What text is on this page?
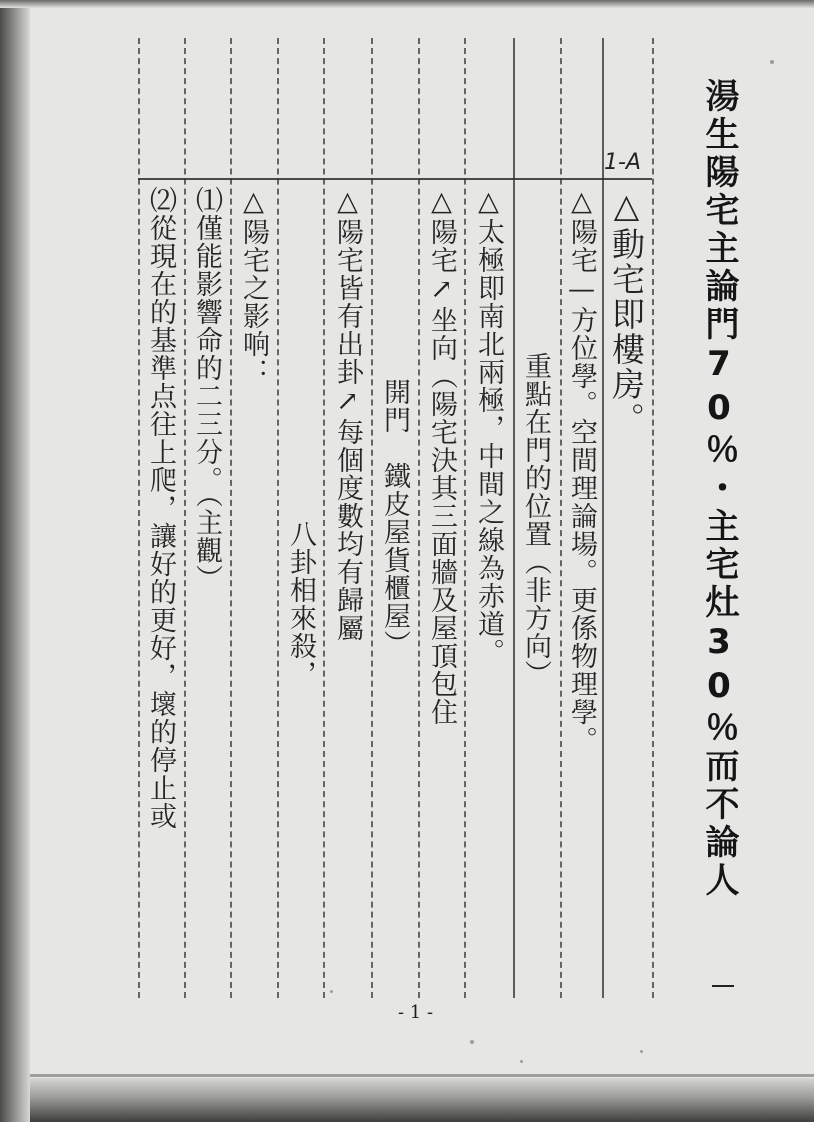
湯生陽宅主論門70％・主宅灶30％而不論人
1-A
△動宅即樓房。
△陽宅—方位學。空間理論場。更係物理學。
重點在門的位置（非方向）
△太極即南北兩極，中間之線為赤道。
△陽宅↗坐向（陽宅決其三面牆及屋頂包住
開門　鐵皮屋貨櫃屋）
△陽宅皆有出卦↗每個度數均有歸屬
八卦相來殺，
△陽宅之影响：
⑴僅能影響命的二三分。（主觀）
⑵從現在的基準点往上爬，讓好的更好，壞的停止或
- 1 -
